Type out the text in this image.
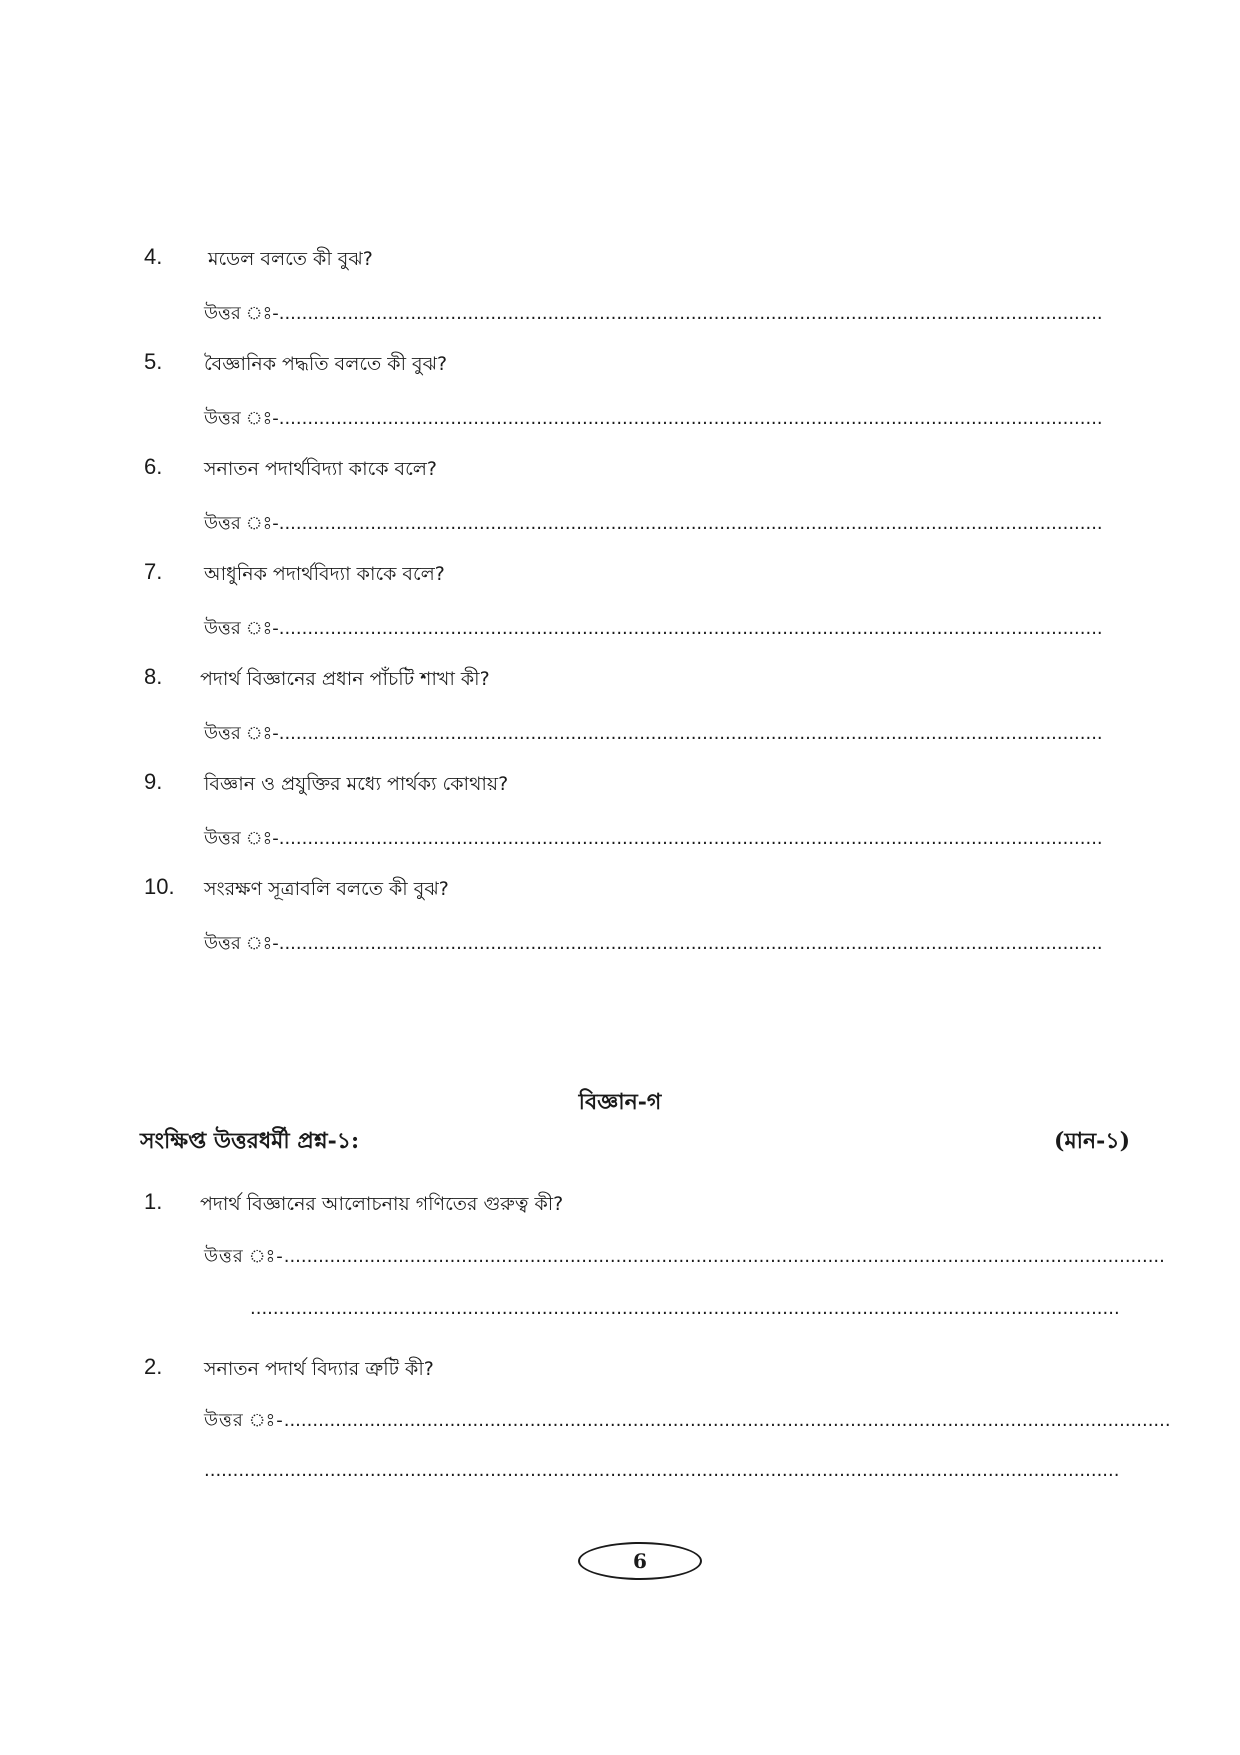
4. মডেল বলতে কী বুঝ?
উত্তর ঃ-................................................................................................................................................
5. বৈজ্ঞানিক পদ্ধতি বলতে কী বুঝ?
উত্তর ঃ-................................................................................................................................................
6. সনাতন পদার্থবিদ্যা কাকে বলে?
উত্তর ঃ-................................................................................................................................................
7. আধুনিক পদার্থবিদ্যা কাকে বলে?
উত্তর ঃ-................................................................................................................................................
8. পদার্থ বিজ্ঞানের প্রধান পাঁচটি শাখা কী?
উত্তর ঃ-................................................................................................................................................
9. বিজ্ঞান ও প্রযুক্তির মধ্যে পার্থক্য কোথায়?
উত্তর ঃ-................................................................................................................................................
10. সংরক্ষণ সূত্রাবলি বলতে কী বুঝ?
উত্তর ঃ-................................................................................................................................................
বিজ্ঞান-গ
সংক্ষিপ্ত উত্তরধর্মী প্রশ্ন-১:	(মান-১)
1. পদার্থ বিজ্ঞানের আলোচনায় গণিতের গুরুত্ব কী?
উত্তর ঃ-..........................................................................................................................................................
........................................................................................................................................................
2. সনাতন পদার্থ বিদ্যার ত্রুটি কী?
উত্তর ঃ-...........................................................................................................................................................
................................................................................................................................................................
6
